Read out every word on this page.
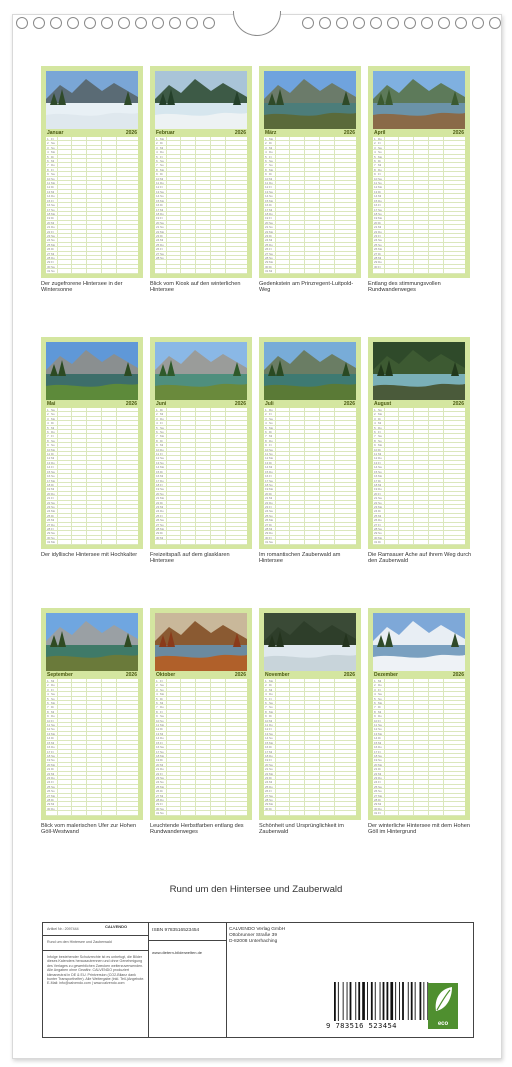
Januar	2026
1 Fr
2 Sa
3 So
4 Mo
5 Di
6 Mi
7 Do
8 Fr
9 Sa
10 So
11 Mo
12 Di
13 Mi
14 Do
15 Fr
16 Sa
17 So
18 Mo
19 Di
20 Mi
21 Do
22 Fr
23 Sa
24 So
25 Mo
26 Di
27 Mi
28 Do
29 Fr
30 Sa
31 So
Der zugefrorene Hintersee in der Wintersonne
Februar	2026
1 Mo
2 Di
3 Mi
4 Do
5 Fr
6 Sa
7 So
8 Mo
9 Di
10 Mi
11 Do
12 Fr
13 Sa
14 So
15 Mo
16 Di
17 Mi
18 Do
19 Fr
20 Sa
21 So
22 Mo
23 Di
24 Mi
25 Do
26 Fr
27 Sa
28 So
Blick vom Kiosk auf den winterlichen Hintersee
März	2026
1 Mo
2 Di
3 Mi
4 Do
5 Fr
6 Sa
7 So
8 Mo
9 Di
10 Mi
11 Do
12 Fr
13 Sa
14 So
15 Mo
16 Di
17 Mi
18 Do
19 Fr
20 Sa
21 So
22 Mo
23 Di
24 Mi
25 Do
26 Fr
27 Sa
28 So
29 Mo
30 Di
31 Mi
Gedenkstein am Prinzregent-Luitpold-Weg
April	2026
1 Do
2 Fr
3 Sa
4 So
5 Mo
6 Di
7 Mi
8 Do
9 Fr
10 Sa
11 So
12 Mo
13 Di
14 Mi
15 Do
16 Fr
17 Sa
18 So
19 Mo
20 Di
21 Mi
22 Do
23 Fr
24 Sa
25 So
26 Mo
27 Di
28 Mi
29 Do
30 Fr
Entlang des stimmungsvollen Rundwanderweges
Mai	2026
1 Sa
2 So
3 Mo
4 Di
5 Mi
6 Do
7 Fr
8 Sa
9 So
10 Mo
11 Di
12 Mi
13 Do
14 Fr
15 Sa
16 So
17 Mo
18 Di
19 Mi
20 Do
21 Fr
22 Sa
23 So
24 Mo
25 Di
26 Mi
27 Do
28 Fr
29 Sa
30 So
31 Mo
Der idyllische Hintersee mit Hochkalter
Juni	2026
1 Di
2 Mi
3 Do
4 Fr
5 Sa
6 So
7 Mo
8 Di
9 Mi
10 Do
11 Fr
12 Sa
13 So
14 Mo
15 Di
16 Mi
17 Do
18 Fr
19 Sa
20 So
21 Mo
22 Di
23 Mi
24 Do
25 Fr
26 Sa
27 So
28 Mo
29 Di
30 Mi
Freizeitspaß auf dem glasklaren Hintersee
Juli	2026
1 Do
2 Fr
3 Sa
4 So
5 Mo
6 Di
7 Mi
8 Do
9 Fr
10 Sa
11 So
12 Mo
13 Di
14 Mi
15 Do
16 Fr
17 Sa
18 So
19 Mo
20 Di
21 Mi
22 Do
23 Fr
24 Sa
25 So
26 Mo
27 Di
28 Mi
29 Do
30 Fr
31 Sa
Im romantischen Zauberwald am Hintersee
August	2026
1 So
2 Mo
3 Di
4 Mi
5 Do
6 Fr
7 Sa
8 So
9 Mo
10 Di
11 Mi
12 Do
13 Fr
14 Sa
15 So
16 Mo
17 Di
18 Mi
19 Do
20 Fr
21 Sa
22 So
23 Mo
24 Di
25 Mi
26 Do
27 Fr
28 Sa
29 So
30 Mo
31 Di
Die Ramsauer Ache auf ihrem Weg durch den Zauberwald
September	2026
1 Mi
2 Do
3 Fr
4 Sa
5 So
6 Mo
7 Di
8 Mi
9 Do
10 Fr
11 Sa
12 So
13 Mo
14 Di
15 Mi
16 Do
17 Fr
18 Sa
19 So
20 Mo
21 Di
22 Mi
23 Do
24 Fr
25 Sa
26 So
27 Mo
28 Di
29 Mi
30 Do
Blick vom malerischen Ufer zur Hohen Göll-Westwand
Oktober	2026
1 Fr
2 Sa
3 So
4 Mo
5 Di
6 Mi
7 Do
8 Fr
9 Sa
10 So
11 Mo
12 Di
13 Mi
14 Do
15 Fr
16 Sa
17 So
18 Mo
19 Di
20 Mi
21 Do
22 Fr
23 Sa
24 So
25 Mo
26 Di
27 Mi
28 Do
29 Fr
30 Sa
31 So
Leuchtende Herbstfarben entlang des Rundwanderweges
November	2026
1 Mo
2 Di
3 Mi
4 Do
5 Fr
6 Sa
7 So
8 Mo
9 Di
10 Mi
11 Do
12 Fr
13 Sa
14 So
15 Mo
16 Di
17 Mi
18 Do
19 Fr
20 Sa
21 So
22 Mo
23 Di
24 Mi
25 Do
26 Fr
27 Sa
28 So
29 Mo
30 Di
Schönheit und Ursprünglichkeit im Zauberwald
Dezember	2026
1 Mi
2 Do
3 Fr
4 Sa
5 So
6 Mo
7 Di
8 Mi
9 Do
10 Fr
11 Sa
12 So
13 Mo
14 Di
15 Mi
16 Do
17 Fr
18 Sa
19 So
20 Mo
21 Di
22 Mi
23 Do
24 Fr
25 Sa
26 So
27 Mo
28 Di
29 Mi
30 Do
31 Fr
Der winterliche Hintersee mit dem Hohen Göll im Hintergrund
Rund um den Hintersee und Zauberwald
Artikel Nr.: 2097444	CALVENDO
Rund um den Hintersee und Zauberwald
Infolge bestehender Schutzrechte ist es unbefugt, die Bilder dieses Kalenders herauszutrennen und ohne Genehmigung des Verlages zu gewerblichen Zwecken weiterzuverwenden. Alle Angaben ohne Gewähr. CALVENDO produziert klimaneutral in DE & EU. Printversion (CO2-Bilanz dank bunter Transporthelfer). Alle Weitergabe (inkl. Teil-)Angebote. E-Mail: info@calvendo.com | www.calvendo.com
ISBN 9783516523454
www.dietern-bilderwelten.de
CALVENDO Verlag GmbH
Ottobrunner Straße 39
D-82008 Unterhaching
9 783516 523454	eco
